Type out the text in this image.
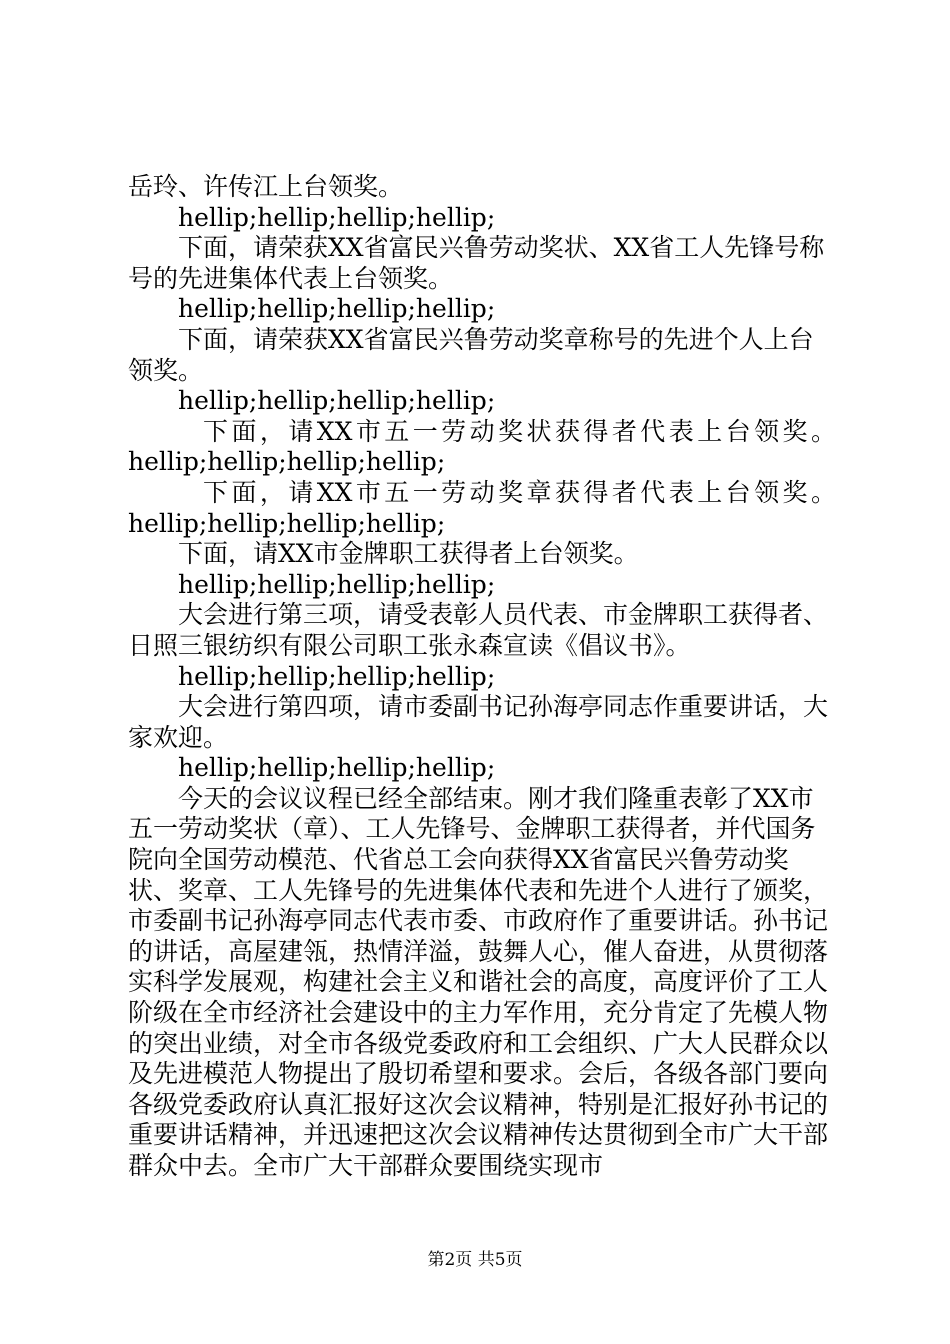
岳玲、许传江上台领奖。

hellip;hellip;hellip;hellip;

下面，请荣获XX省富民兴鲁劳动奖状、XX省工人先锋号称号的先进集体代表上台领奖。

hellip;hellip;hellip;hellip;

下面，请荣获XX省富民兴鲁劳动奖章称号的先进个人上台领奖。

hellip;hellip;hellip;hellip;

下面，请XX市五一劳动奖状获得者代表上台领奖。

hellip;hellip;hellip;hellip;

下面，请XX市五一劳动奖章获得者代表上台领奖。

hellip;hellip;hellip;hellip;

下面，请XX市金牌职工获得者上台领奖。

hellip;hellip;hellip;hellip;

大会进行第三项，请受表彰人员代表、市金牌职工获得者、日照三银纺织有限公司职工张永森宣读《倡议书》。

hellip;hellip;hellip;hellip;

大会进行第四项，请市委副书记孙海亭同志作重要讲话，大家欢迎。

hellip;hellip;hellip;hellip;

今天的会议议程已经全部结束。刚才我们隆重表彰了XX市五一劳动奖状（章）、工人先锋号、金牌职工获得者，并代国务院向全国劳动模范、代省总工会向获得XX省富民兴鲁劳动奖状、奖章、工人先锋号的先进集体代表和先进个人进行了颁奖，市委副书记孙海亭同志代表市委、市政府作了重要讲话。孙书记的讲话，高屋建瓴，热情洋溢，鼓舞人心，催人奋进，从贯彻落实科学发展观，构建社会主义和谐社会的高度，高度评价了工人阶级在全市经济社会建设中的主力军作用，充分肯定了先模人物的突出业绩，对全市各级党委政府和工会组织、广大人民群众以及先进模范人物提出了殷切希望和要求。会后，各级各部门要向各级党委政府认真汇报好这次会议精神，特别是汇报好孙书记的重要讲话精神，并迅速把这次会议精神传达贯彻到全市广大干部群众中去。全市广大干部群众要围绕实现市

第2页 共5页
